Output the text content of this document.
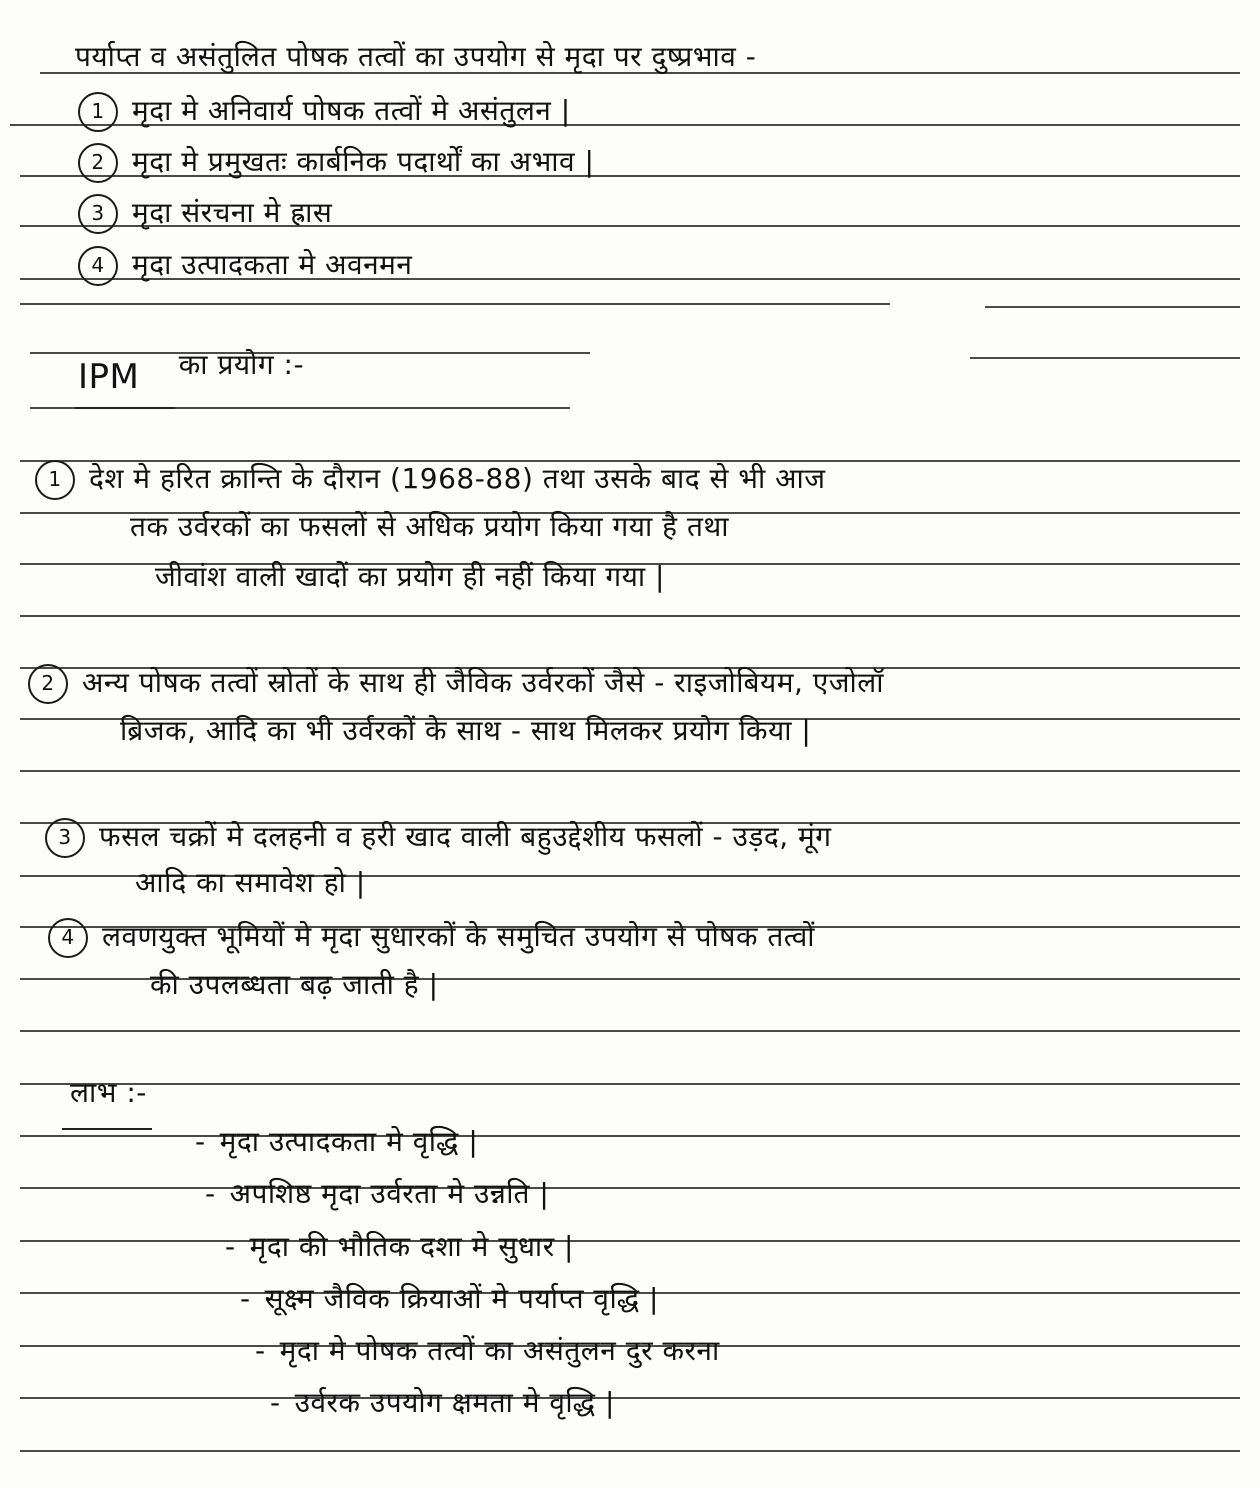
पर्याप्त व असंतुलित पोषक तत्वों का उपयोग से मृदा पर दुष्प्रभाव -
1 मृदा मे अनिवार्य पोषक तत्वों मे असंतुलन |
2 मृदा मे प्रमुखतः कार्बनिक पदार्थों का अभाव |
3 मृदा संरचना मे ह्रास
4 मृदा उत्पादकता मे अवनमन
IPM का प्रयोग :-
1 देश मे हरित क्रान्ति के दौरान (1968-88) तथा उसके बाद से भी आज
तक उर्वरकों का फसलों से अधिक प्रयोग किया गया है तथा
जीवांश वाली खादों का प्रयोग ही नहीं किया गया |
2 अन्य पोषक तत्वों स्रोतों के साथ ही जैविक उर्वरकों जैसे - राइजोबियम, एजोलॉ
ब्रिजक, आदि का भी उर्वरकों के साथ - साथ मिलकर प्रयोग किया |
3 फसल चक्रों मे दलहनी व हरी खाद वाली बहुउद्देशीय फसलों - उड़द, मूंग
आदि का समावेश हो |
4 लवणयुक्त भूमियों मे मृदा सुधारकों के समुचित उपयोग से पोषक तत्वों
की उपलब्धता बढ़ जाती है |
लाभ :-
- मृदा उत्पादकता मे वृद्धि |
- अपशिष्ठ मृदा उर्वरता मे उन्नति |
- मृदा की भौतिक दशा मे सुधार |
- सूक्ष्म जैविक क्रियाओं मे पर्याप्त वृद्धि |
- मृदा मे पोषक तत्वों का असंतुलन दुर करना
- उर्वरक उपयोग क्षमता मे वृद्धि |
